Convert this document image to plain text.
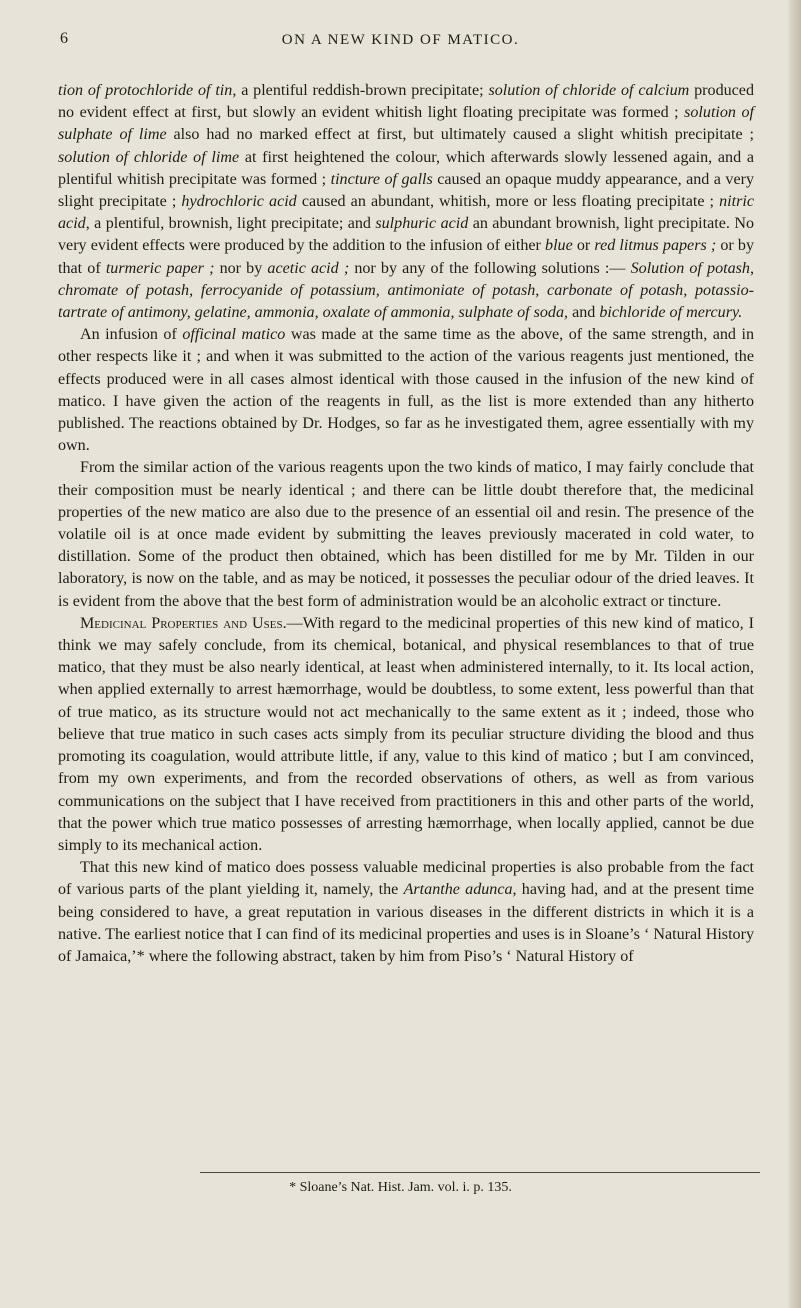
6	ON A NEW KIND OF MATICO.

tion of protochloride of tin, a plentiful reddish-brown precipitate; solution of chloride of calcium produced no evident effect at first, but slowly an evident whitish light floating precipitate was formed ; solution of sulphate of lime also had no marked effect at first, but ultimately caused a slight whitish precipitate ; solution of chloride of lime at first heightened the colour, which afterwards slowly lessened again, and a plentiful whitish precipitate was formed ; tincture of galls caused an opaque muddy appearance, and a very slight precipitate ; hydrochloric acid caused an abundant, whitish, more or less floating precipitate ; nitric acid, a plentiful, brownish, light precipitate; and sulphuric acid an abundant brownish, light precipitate. No very evident effects were produced by the addition to the infusion of either blue or red litmus papers ; or by that of turmeric paper ; nor by acetic acid ; nor by any of the following solutions :— Solution of potash, chromate of potash, ferrocyanide of potassium, antimoniate of potash, carbonate of potash, potassio-tartrate of antimony, gelatine, ammonia, oxalate of ammonia, sulphate of soda, and bichloride of mercury.

An infusion of officinal matico was made at the same time as the above, of the same strength, and in other respects like it ; and when it was submitted to the action of the various reagents just mentioned, the effects produced were in all cases almost identical with those caused in the infusion of the new kind of matico. I have given the action of the reagents in full, as the list is more extended than any hitherto published. The reactions obtained by Dr. Hodges, so far as he investigated them, agree essentially with my own.

From the similar action of the various reagents upon the two kinds of matico, I may fairly conclude that their composition must be nearly identical ; and there can be little doubt therefore that, the medicinal properties of the new matico are also due to the presence of an essential oil and resin. The presence of the volatile oil is at once made evident by submitting the leaves previously macerated in cold water, to distillation. Some of the product then obtained, which has been distilled for me by Mr. Tilden in our laboratory, is now on the table, and as may be noticed, it possesses the peculiar odour of the dried leaves. It is evident from the above that the best form of administration would be an alcoholic extract or tincture.

Medicinal Properties and Uses.—With regard to the medicinal properties of this new kind of matico, I think we may safely conclude, from its chemical, botanical, and physical resemblances to that of true matico, that they must be also nearly identical, at least when administered internally, to it. Its local action, when applied externally to arrest hæmorrhage, would be doubtless, to some extent, less powerful than that of true matico, as its structure would not act mechanically to the same extent as it ; indeed, those who believe that true matico in such cases acts simply from its peculiar structure dividing the blood and thus promoting its coagulation, would attribute little, if any, value to this kind of matico ; but I am convinced, from my own experiments, and from the recorded observations of others, as well as from various communications on the subject that I have received from practitioners in this and other parts of the world, that the power which true matico possesses of arresting hæmorrhage, when locally applied, cannot be due simply to its mechanical action.

That this new kind of matico does possess valuable medicinal properties is also probable from the fact of various parts of the plant yielding it, namely, the Artanthe adunca, having had, and at the present time being considered to have, a great reputation in various diseases in the different districts in which it is a native. The earliest notice that I can find of its medicinal properties and uses is in Sloane’s ‘ Natural History of Jamaica,’* where the following abstract, taken by him from Piso’s ‘ Natural History of

* Sloane’s Nat. Hist. Jam. vol. i. p. 135.
